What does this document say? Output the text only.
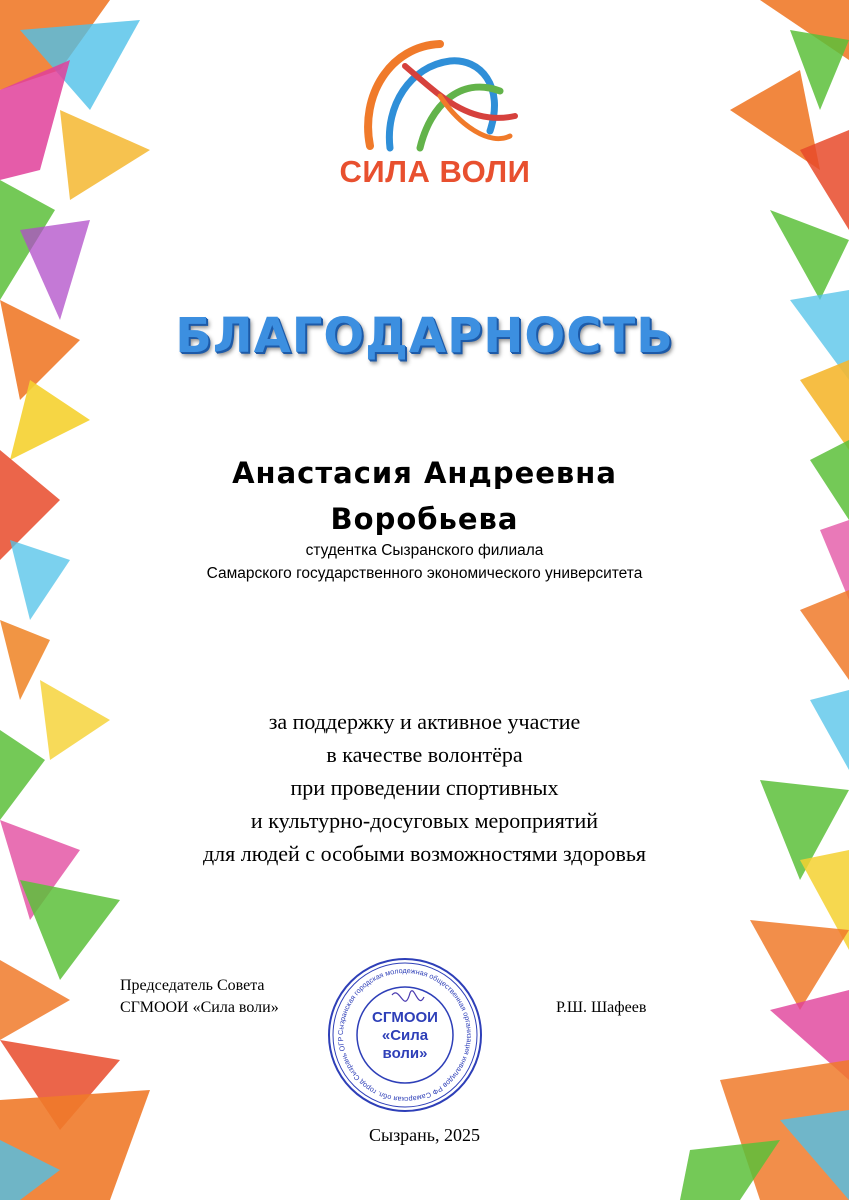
СИЛА ВОЛИ
БЛАГОДАРНОСТЬ
Анастасия Андреевна
Воробьева
студентка Сызранского филиала
Самарского государственного экономического университета
за поддержку и активное участие
в качестве волонтёра
при проведении спортивных
и культурно-досуговых мероприятий
для людей с особыми возможностями здоровья
Председатель Совета
СГМООИ «Сила воли»	Р.Ш. Шафеев
Сызранская городская молодежная общественная организация инвалидов РФ Самарская обл. город Сызрань ОГР
СГМООИ
«Сила
воли»
Сызрань, 2025
